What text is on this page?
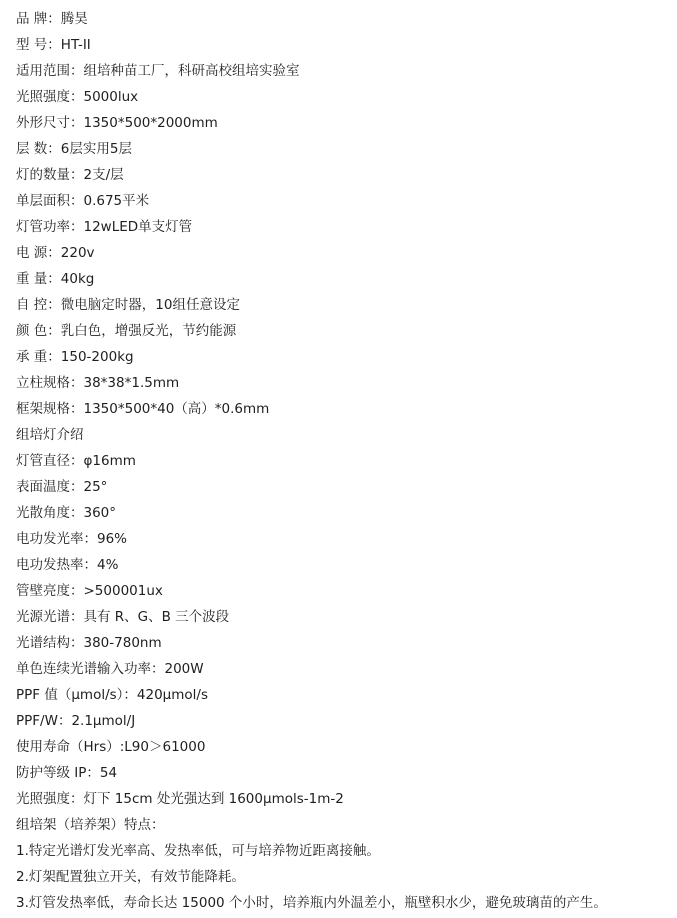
品 牌：腾昊
型 号：HT-II
适用范围：组培种苗工厂，科研高校组培实验室
光照强度：5000lux
外形尺寸：1350*500*2000mm
层 数：6层实用5层
灯的数量：2支/层
单层面积：0.675平米
灯管功率：12wLED单支灯管
电 源：220v
重 量：40kg
自 控：微电脑定时器，10组任意设定
颜 色：乳白色，增强反光，节约能源
承 重：150-200kg
立柱规格：38*38*1.5mm
框架规格：1350*500*40（高）*0.6mm
组培灯介绍
灯管直径：φ16mm
表面温度：25°
光散角度：360°
电功发光率：96%
电功发热率：4%
管壁亮度：>500001ux
光源光谱：具有 R、G、B 三个波段
光谱结构：380-780nm
单色连续光谱输入功率：200W
PPF 值（μmol/s）：420μmol/s
PPF/W：2.1μmol/J
使用寿命（Hrs）:L90＞61000
防护等级 IP：54
光照强度：灯下 15cm 处光强达到 1600μmols-1m-2
组培架（培养架）特点：
1.特定光谱灯发光率高、发热率低，可与培养物近距离接触。
2.灯架配置独立开关，有效节能降耗。
3.灯管发热率低，寿命长达 15000 个小时，培养瓶内外温差小，瓶壁积水少，避免玻璃苗的产生。
